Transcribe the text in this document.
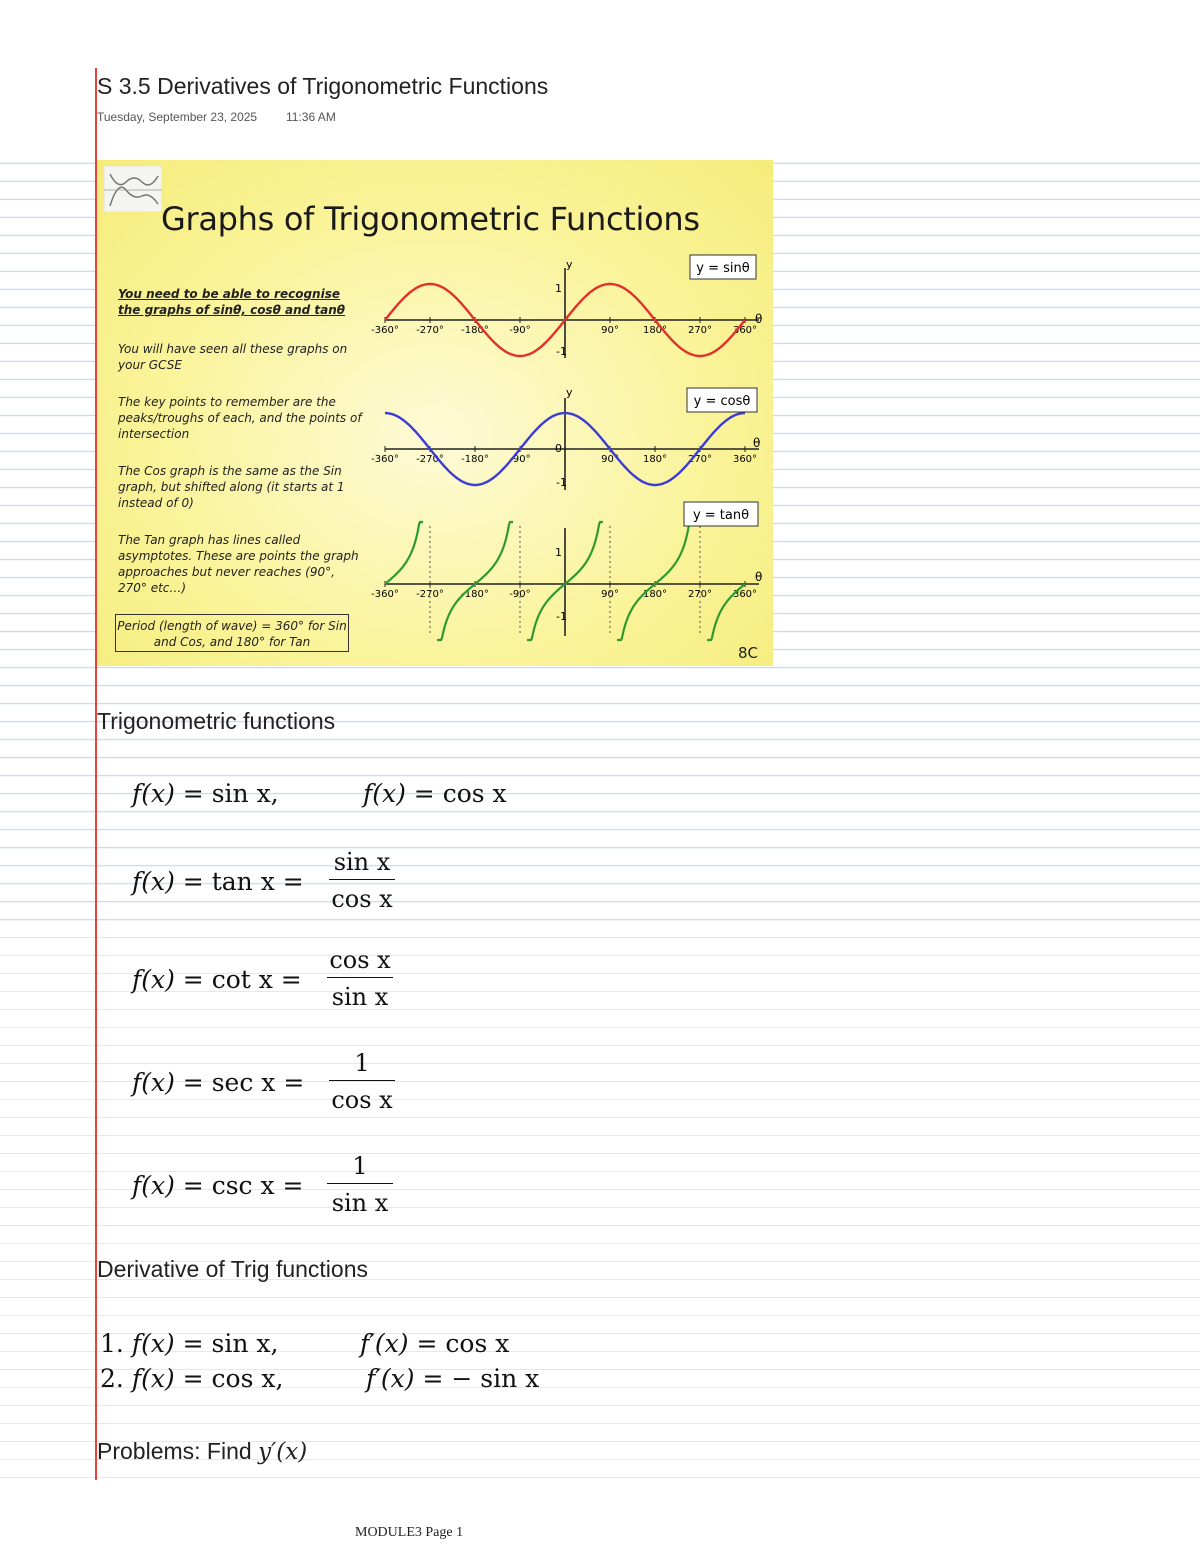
S 3.5 Derivatives of Trigonometric Functions
Tuesday, September 23, 2025 11:36 AM
Graphs of Trigonometric Functions
You need to be able to recognise the graphs of sinθ, cosθ and tanθ
You will have seen all these graphs on your GCSE
The key points to remember are the peaks/troughs of each, and the points of intersection
The Cos graph is the same as the Sin graph, but shifted along (it starts at 1 instead of 0)
The Tan graph has lines called asymptotes. These are points the graph approaches but never reaches (90°, 270° etc…)
Period (length of wave) = 360° for Sin and Cos, and 180° for Tan
8C
-360° -270° -180° -90°	90° 180° 270° 360°
y
1
-1
θ
y = sinθ
-360° -270° -180° -90°	90° 180° 270° 360°
y
0
-1
θ
y = cosθ
-360° -270° -180° -90°	90° 180° 270° 360°
1
-1
θ
y = tanθ
Trigonometric functions
f(x) = sin x,	f(x) = cos x
$f(x) = \tan x = \frac{\text{sin x}}{\text{cos x}}$
$f(x) = \cot x = \frac{\text{cos x}}{\text{sin x}}$
$f(x) = \sec x = \frac{1}{\text{cos x}}$
$f(x) = \csc x = \frac{1}{\text{sin x}}$
Derivative of Trig functions
1. f(x) = sin x,	f′(x) = cos x
2. f(x) = cos x,	f′(x) = − sin x
Problems: Find y′(x)
MODULE3 Page 1
